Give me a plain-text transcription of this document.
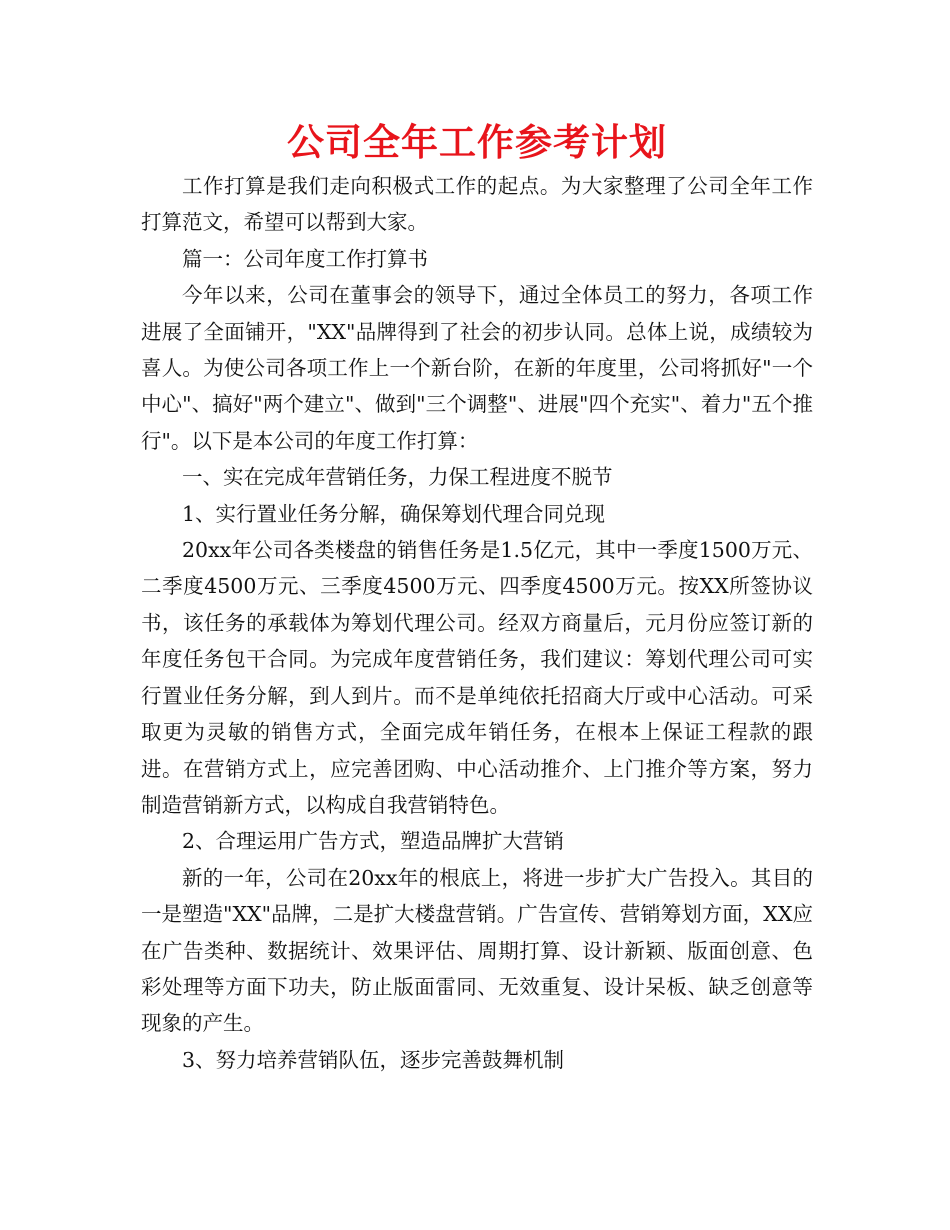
公司全年工作参考计划

工作打算是我们走向积极式工作的起点。为大家整理了公司全年工作打算范文，希望可以帮到大家。

篇一：公司年度工作打算书

今年以来，公司在董事会的领导下，通过全体员工的努力，各项工作进展了全面铺开，"XX"品牌得到了社会的初步认同。总体上说，成绩较为喜人。为使公司各项工作上一个新台阶，在新的年度里，公司将抓好"一个中心"、搞好"两个建立"、做到"三个调整"、进展"四个充实"、着力"五个推行"。以下是本公司的年度工作打算：

一、实在完成年营销任务，力保工程进度不脱节

1、实行置业任务分解，确保筹划代理合同兑现

20xx年公司各类楼盘的销售任务是1.5亿元，其中一季度1500万元、二季度4500万元、三季度4500万元、四季度4500万元。按XX所签协议书，该任务的承载体为筹划代理公司。经双方商量后，元月份应签订新的年度任务包干合同。为完成年度营销任务，我们建议：筹划代理公司可实行置业任务分解，到人到片。而不是单纯依托招商大厅或中心活动。可采取更为灵敏的销售方式，全面完成年销任务，在根本上保证工程款的跟进。在营销方式上，应完善团购、中心活动推介、上门推介等方案，努力制造营销新方式，以构成自我营销特色。

2、合理运用广告方式，塑造品牌扩大营销

新的一年，公司在20xx年的根底上，将进一步扩大广告投入。其目的一是塑造"XX"品牌，二是扩大楼盘营销。广告宣传、营销筹划方面，XX应在广告类种、数据统计、效果评估、周期打算、设计新颖、版面创意、色彩处理等方面下功夫，防止版面雷同、无效重复、设计呆板、缺乏创意等现象的产生。

3、努力培养营销队伍，逐步完善鼓舞机制
